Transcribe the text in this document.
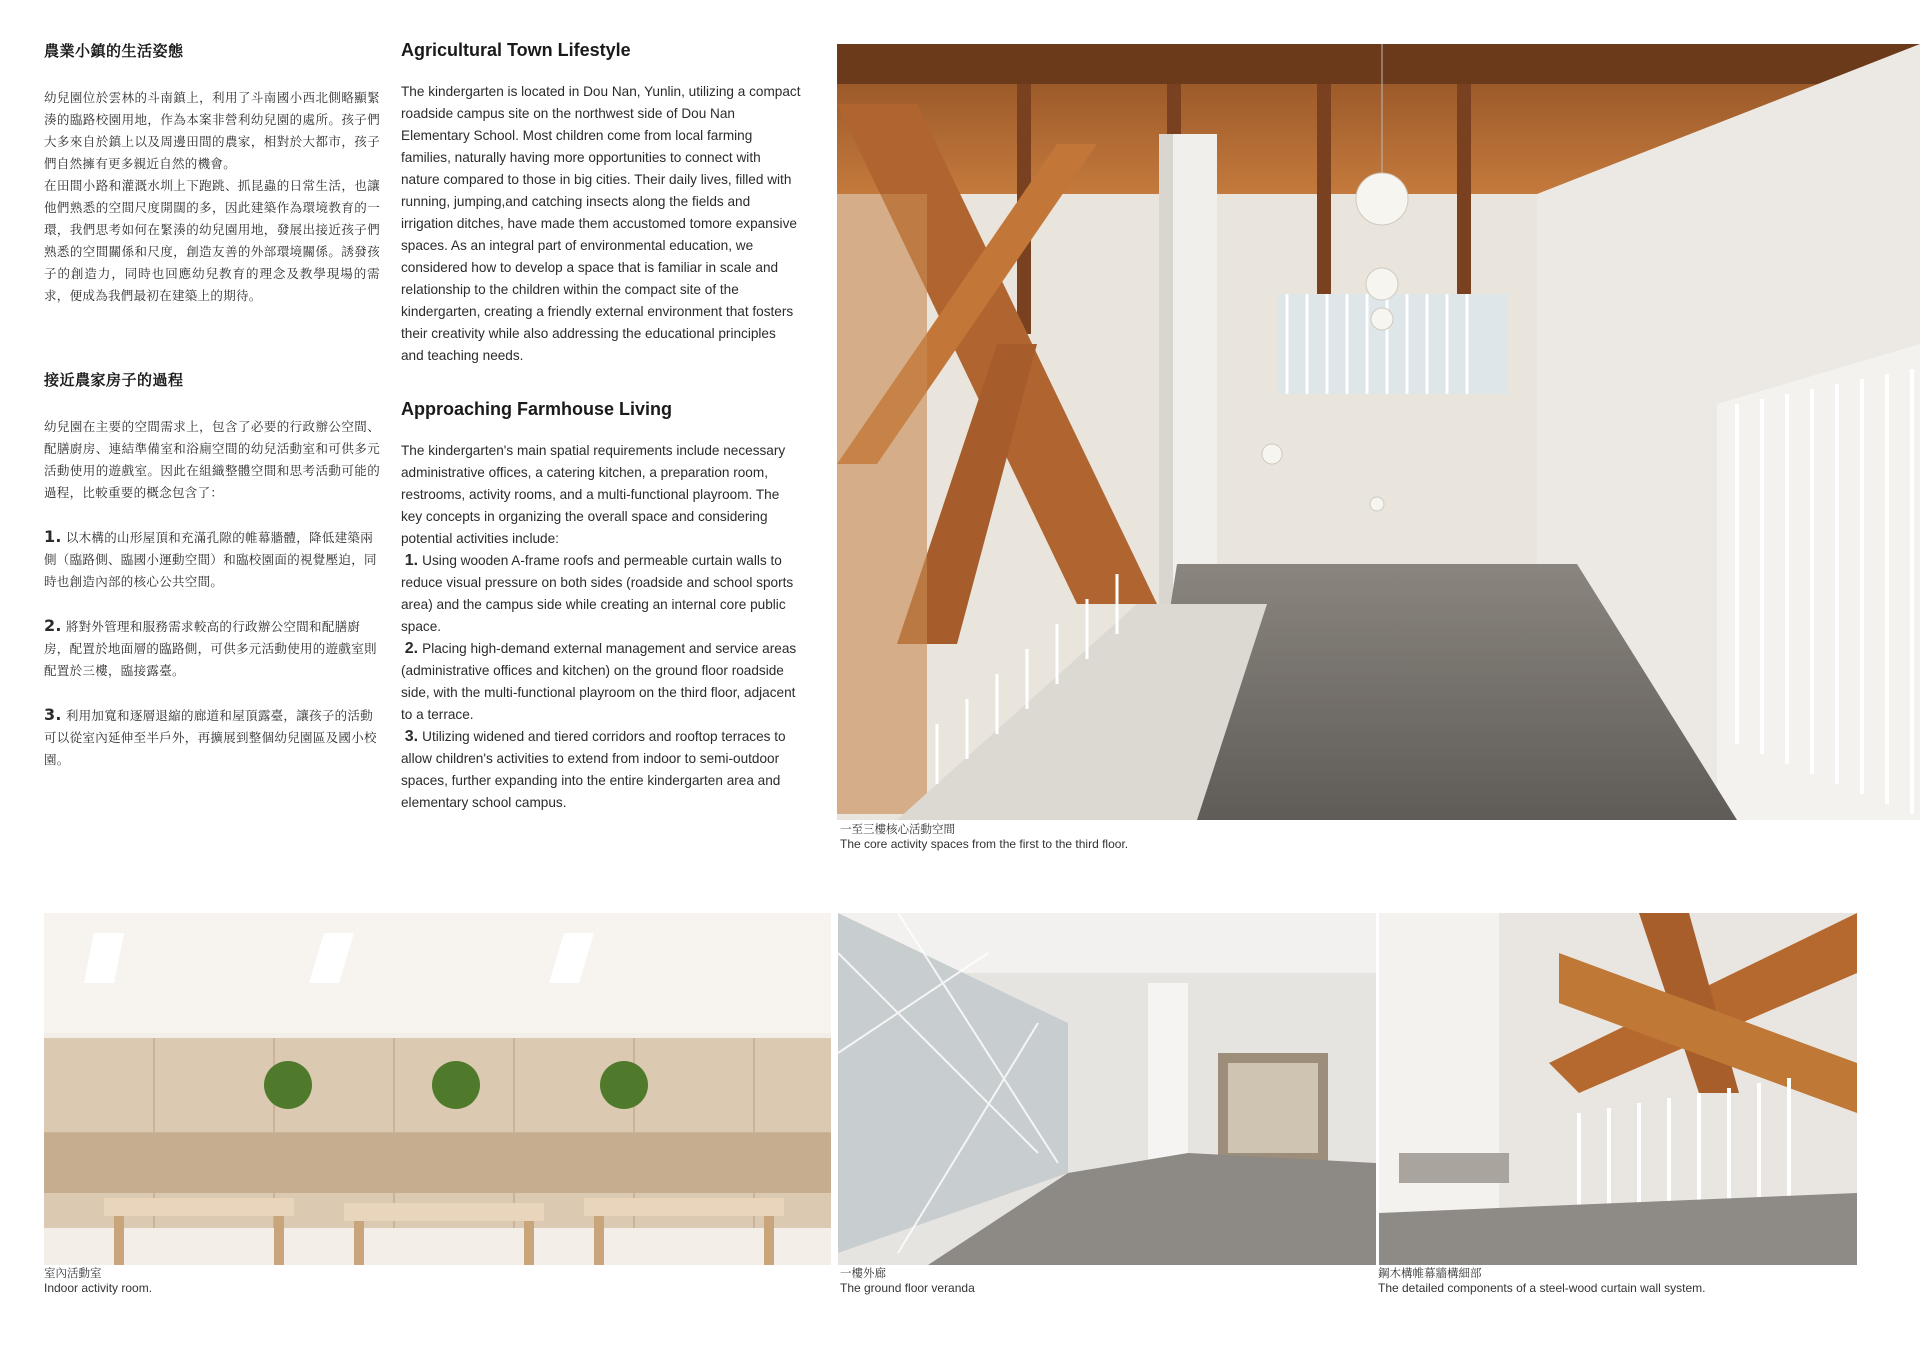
農業小鎮的生活姿態

幼兒園位於雲林的斗南鎮上，利用了斗南國小西北側略顯緊湊的臨路校園用地，作為本案非營利幼兒園的處所。孩子們大多來自於鎮上以及周邊田間的農家，相對於大都市，孩子們自然擁有更多親近自然的機會。

在田間小路和灌溉水圳上下跑跳、抓昆蟲的日常生活，也讓他們熟悉的空間尺度開闊的多，因此建築作為環境教育的一環，我們思考如何在緊湊的幼兒園用地，發展出接近孩子們熟悉的空間關係和尺度，創造友善的外部環境關係。誘發孩子的創造力，同時也回應幼兒教育的理念及教學現場的需求，便成為我們最初在建築上的期待。

接近農家房子的過程

幼兒園在主要的空間需求上，包含了必要的行政辦公空間、配膳廚房、連結準備室和浴廁空間的幼兒活動室和可供多元活動使用的遊戲室。因此在組織整體空間和思考活動可能的過程，比較重要的概念包含了：

1. 以木構的山形屋頂和充滿孔隙的帷幕牆體，降低建築兩側（臨路側、臨國小運動空間）和臨校園面的視覺壓迫，同時也創造內部的核心公共空間。

2. 將對外管理和服務需求較高的行政辦公空間和配膳廚房，配置於地面層的臨路側，可供多元活動使用的遊戲室則配置於三樓，臨接露臺。

3. 利用加寬和逐層退縮的廊道和屋頂露臺，讓孩子的活動可以從室內延伸至半戶外，再擴展到整個幼兒園區及國小校園。

Agricultural Town Lifestyle

The kindergarten is located in Dou Nan, Yunlin, utilizing a compact roadside campus site on the northwest side of Dou Nan Elementary School. Most children come from local farming families, naturally having more opportunities to connect with nature compared to those in big cities. Their daily lives, filled with running, jumping,and catching insects along the fields and irrigation ditches, have made them accustomed tomore expansive spaces. As an integral part of environmental education, we considered how to develop a space that is familiar in scale and relationship to the children within the compact site of the kindergarten, creating a friendly external environment that fosters their creativity while also addressing the educational principles and teaching needs.

Approaching Farmhouse Living

The kindergarten's main spatial requirements include necessary administrative offices, a catering kitchen, a preparation room, restrooms, activity rooms, and a multi-functional playroom. The key concepts in organizing the overall space and considering potential activities include:

1. Using wooden A-frame roofs and permeable curtain walls to reduce visual pressure on both sides (roadside and school sports area) and the campus side while creating an internal core public space.

2. Placing high-demand external management and service areas (administrative offices and kitchen) on the ground floor roadside side, with the multi-functional playroom on the third floor, adjacent to a terrace.

3. Utilizing widened and tiered corridors and rooftop terraces to allow children's activities to extend from indoor to semi-outdoor spaces, further expanding into the entire kindergarten area and elementary school campus.

一至三樓核心活動空間
The core activity spaces from the first to the third floor.
室內活動室
Indoor activity room.
一樓外廊
The ground floor veranda
鋼木構帷幕牆構細部
The detailed components of a steel-wood curtain wall system.
